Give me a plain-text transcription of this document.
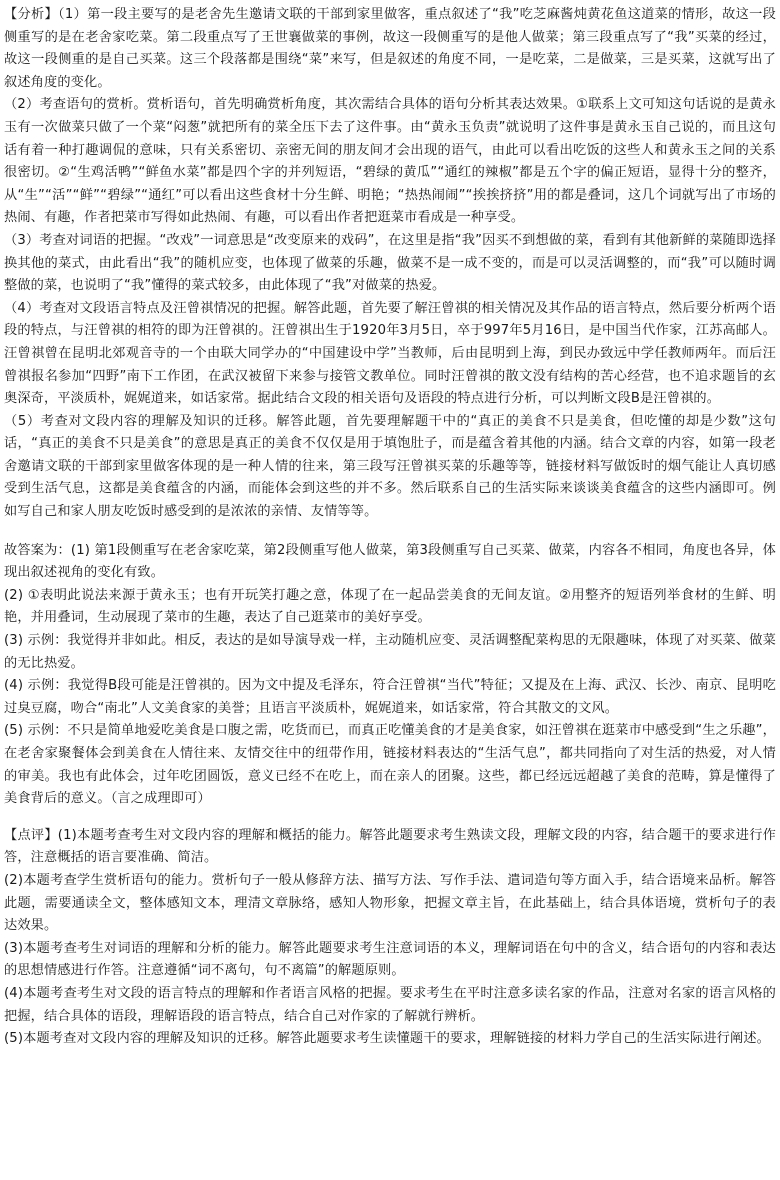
【分析】（1）第一段主要写的是老舍先生邀请文联的干部到家里做客，重点叙述了“我”吃芝麻酱炖黄花鱼这道菜的情形，故这一段侧重写的是在老舍家吃菜。第二段重点写了王世襄做菜的事例，故这一段侧重写的是他人做菜；第三段重点写了“我”买菜的经过，故这一段侧重的是自己买菜。这三个段落都是围绕“菜”来写，但是叙述的角度不同，一是吃菜，二是做菜，三是买菜，这就写出了叙述角度的变化。

（2）考查语句的赏析。赏析语句，首先明确赏析角度，其次需结合具体的语句分析其表达效果。①联系上文可知这句话说的是黄永玉有一次做菜只做了一个菜“闷葱”就把所有的菜全压下去了这件事。由“黄永玉负责”就说明了这件事是黄永玉自己说的，而且这句话有着一种打趣调侃的意味，只有关系密切、亲密无间的朋友间才会出现的语气，由此可以看出吃饭的这些人和黄永玉之间的关系很密切。②“生鸡活鸭”“鲜鱼水菜”都是四个字的并列短语，“碧绿的黄瓜”“通红的辣椒”都是五个字的偏正短语，显得十分的整齐，从“生”“活”“鲜”“碧绿”“通红”可以看出这些食材十分生鲜、明艳；“热热闹闹”“挨挨挤挤”用的都是叠词，这几个词就写出了市场的热闹、有趣，作者把菜市写得如此热闹、有趣，可以看出作者把逛菜市看成是一种享受。

（3）考查对词语的把握。“改戏”一词意思是“改变原来的戏码”，在这里是指“我”因买不到想做的菜，看到有其他新鲜的菜随即选择换其他的菜式，由此看出“我”的随机应变，也体现了做菜的乐趣，做菜不是一成不变的，而是可以灵活调整的，而“我”可以随时调整做的菜，也说明了“我”懂得的菜式较多，由此体现了“我”对做菜的热爱。

（4）考查对文段语言特点及汪曾祺情况的把握。解答此题，首先要了解汪曾祺的相关情况及其作品的语言特点，然后要分析两个语段的特点，与汪曾祺的相符的即为汪曾祺的。汪曾祺出生于1920年3月5日，卒于997年5月16日，是中国当代作家，江苏高邮人。汪曾祺曾在昆明北郊观音寺的一个由联大同学办的“中国建设中学”当教师，后由昆明到上海，到民办致远中学任教师两年。而后汪曾祺报名参加“四野”南下工作团，在武汉被留下来参与接管文教单位。同时汪曾祺的散文没有结构的苦心经营，也不追求题旨的玄奥深奇，平淡质朴，娓娓道来，如话家常。据此结合文段的相关语句及语段的特点进行分析，可以判断文段B是汪曾祺的。

（5）考查对文段内容的理解及知识的迁移。解答此题，首先要理解题干中的“真正的美食不只是美食，但吃懂的却是少数”这句话，“真正的美食不只是美食”的意思是真正的美食不仅仅是用于填饱肚子，而是蕴含着其他的内涵。结合文章的内容，如第一段老舍邀请文联的干部到家里做客体现的是一种人情的往来，第三段写汪曾祺买菜的乐趣等等，链接材料写做饭时的烟气能让人真切感受到生活气息，这都是美食蕴含的内涵，而能体会到这些的并不多。然后联系自己的生活实际来谈谈美食蕴含的这些内涵即可。例如写自己和家人朋友吃饭时感受到的是浓浓的亲情、友情等等。

故答案为：(1) 第1段侧重写在老舍家吃菜，第2段侧重写他人做菜，第3段侧重写自己买菜、做菜，内容各不相同，角度也各异，体现出叙述视角的变化有致。

(2) ①表明此说法来源于黄永玉；也有开玩笑打趣之意，体现了在一起品尝美食的无间友谊。②用整齐的短语列举食材的生鲜、明艳，并用叠词，生动展现了菜市的生趣，表达了自己逛菜市的美好享受。

(3) 示例：我觉得并非如此。相反，表达的是如导演导戏一样，主动随机应变、灵活调整配菜构思的无限趣味，体现了对买菜、做菜的无比热爱。

(4) 示例：我觉得B段可能是汪曾祺的。因为文中提及毛泽东，符合汪曾祺“当代”特征；又提及在上海、武汉、长沙、南京、昆明吃过臭豆腐，吻合“南北”人文美食家的美誉；且语言平淡质朴，娓娓道来，如话家常，符合其散文的文风。

(5) 示例：不只是简单地爱吃美食是口腹之需，吃货而已，而真正吃懂美食的才是美食家，如汪曾祺在逛菜市中感受到“生之乐趣”，在老舍家聚餐体会到美食在人情往来、友情交往中的纽带作用，链接材料表达的“生活气息”，都共同指向了对生活的热爱，对人情的审美。我也有此体会，过年吃团圆饭，意义已经不在吃上，而在亲人的团聚。这些，都已经远远超越了美食的范畴，算是懂得了美食背后的意义。（言之成理即可）

【点评】(1)本题考查考生对文段内容的理解和概括的能力。解答此题要求考生熟读文段，理解文段的内容，结合题干的要求进行作答，注意概括的语言要准确、简洁。

(2)本题考查学生赏析语句的能力。赏析句子一般从修辞方法、描写方法、写作手法、遣词造句等方面入手，结合语境来品析。解答此题，需要通读全文，整体感知文本，理清文章脉络，感知人物形象，把握文章主旨，在此基础上，结合具体语境，赏析句子的表达效果。

(3)本题考查考生对词语的理解和分析的能力。解答此题要求考生注意词语的本义，理解词语在句中的含义，结合语句的内容和表达的思想情感进行作答。注意遵循“词不离句，句不离篇”的解题原则。

(4)本题考查考生对文段的语言特点的理解和作者语言风格的把握。要求考生在平时注意多读名家的作品，注意对名家的语言风格的把握，结合具体的语段，理解语段的语言特点，结合自己对作家的了解就行辨析。

(5)本题考查对文段内容的理解及知识的迁移。解答此题要求考生读懂题干的要求，理解链接的材料力学自己的生活实际进行阐述。
